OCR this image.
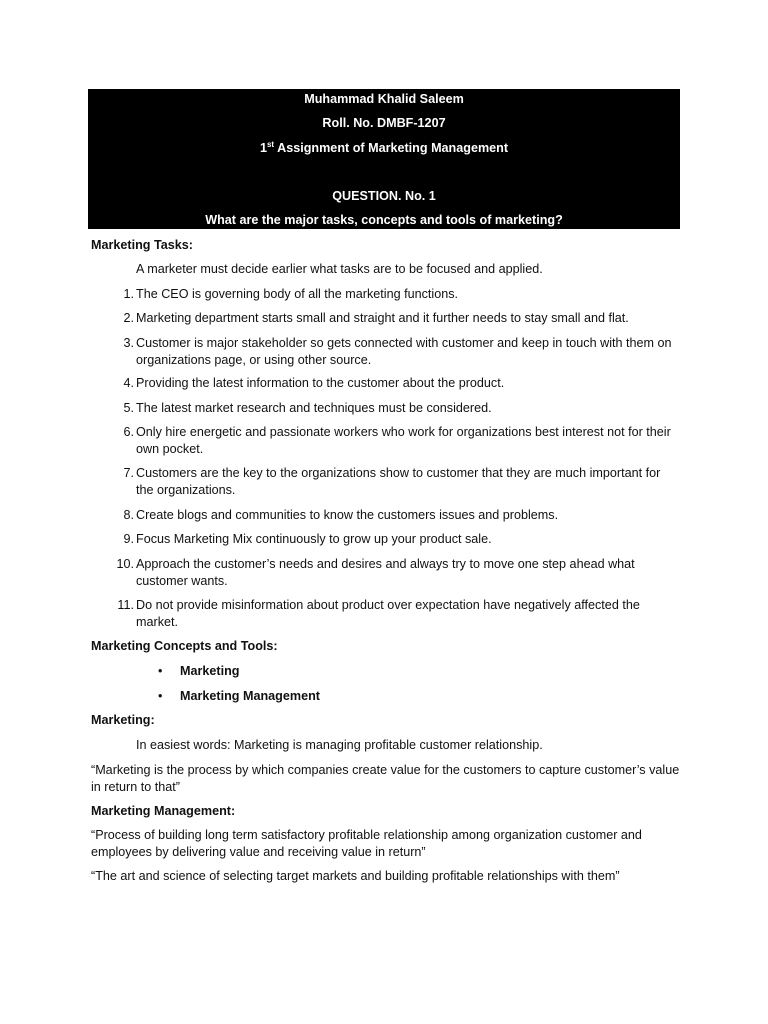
Muhammad Khalid Saleem
Roll. No. DMBF-1207
1st Assignment of Marketing Management
QUESTION. No. 1
What are the major tasks, concepts and tools of marketing?
Marketing Tasks:
A marketer must decide earlier what tasks are to be focused and applied.
1. The CEO is governing body of all the marketing functions.
2. Marketing department starts small and straight and it further needs to stay small and flat.
3. Customer is major stakeholder so gets connected with customer and keep in touch with them on organizations page, or using other source.
4. Providing the latest information to the customer about the product.
5. The latest market research and techniques must be considered.
6. Only hire energetic and passionate workers who work for organizations best interest not for their own pocket.
7. Customers are the key to the organizations show to customer that they are much important for the organizations.
8. Create blogs and communities to know the customers issues and problems.
9. Focus Marketing Mix continuously to grow up your product sale.
10. Approach the customer’s needs and desires and always try to move one step ahead what customer wants.
11. Do not provide misinformation about product over expectation have negatively affected the market.
Marketing Concepts and Tools:
• Marketing
• Marketing Management
Marketing:
In easiest words: Marketing is managing profitable customer relationship.
“Marketing is the process by which companies create value for the customers to capture customer’s value in return to that”
Marketing Management:
“Process of building long term satisfactory profitable relationship among organization customer and employees by delivering value and receiving value in return”
“The art and science of selecting target markets and building profitable relationships with them”
